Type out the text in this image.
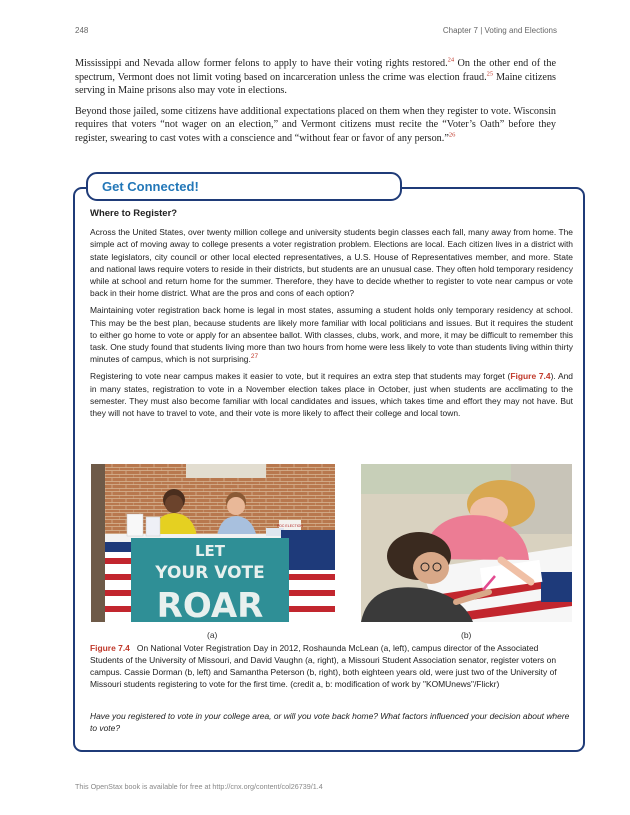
248	Chapter 7 | Voting and Elections

Mississippi and Nevada allow former felons to apply to have their voting rights restored.$^{24}$ On the other end of the spectrum, Vermont does not limit voting based on incarceration unless the crime was election fraud.$^{25}$ Maine citizens serving in Maine prisons also may vote in elections.

Beyond those jailed, some citizens have additional expectations placed on them when they register to vote. Wisconsin requires that voters “not wager on an election,” and Vermont citizens must recite the “Voter’s Oath” before they register, swearing to cast votes with a conscience and “without fear or favor of any person.”$^{26}$

Get Connected!
Where to Register?

Across the United States, over twenty million college and university students begin classes each fall, many away from home. The simple act of moving away to college presents a voter registration problem. Elections are local. Each citizen lives in a district with state legislators, city council or other local elected representatives, a U.S. House of Representatives member, and more. State and national laws require voters to reside in their districts, but students are an unusual case. They often hold temporary residency while at school and return home for the summer. Therefore, they have to decide whether to register to vote near campus or vote back in their home district. What are the pros and cons of each option?

Maintaining voter registration back home is legal in most states, assuming a student holds only temporary residency at school. This may be the best plan, because students are likely more familiar with local politicians and issues. But it requires the student to either go home to vote or apply for an absentee ballot. With classes, clubs, work, and more, it may be difficult to remember this task. One study found that students living more than two hours from home were less likely to vote than students living within thirty minutes of campus, which is not surprising.$^{27}$

Registering to vote near campus makes it easier to vote, but it requires an extra step that students may forget (Figure 7.4). And in many states, registration to vote in a November election takes place in October, just when students are acclimating to the semester. They must also become familiar with local candidates and issues, which takes time and effort they may not have. But they will not have to travel to vote, and their vote is more likely to affect their college and local town.

PDC ELECTION
LET
YOUR VOTE
ROAR
(a)	(b)
Figure 7.4 On National Voter Registration Day in 2012, Roshaunda McLean (a, left), campus director of the Associated Students of the University of Missouri, and David Vaughn (a, right), a Missouri Student Association senator, register voters on campus. Cassie Dorman (b, left) and Samantha Peterson (b, right), both eighteen years old, were just two of the University of Missouri students registering to vote for the first time. (credit a, b: modification of work by "KOMUnews"/Flickr)
Have you registered to vote in your college area, or will you vote back home? What factors influenced your decision about where to vote?
This OpenStax book is available for free at http://cnx.org/content/col26739/1.4
